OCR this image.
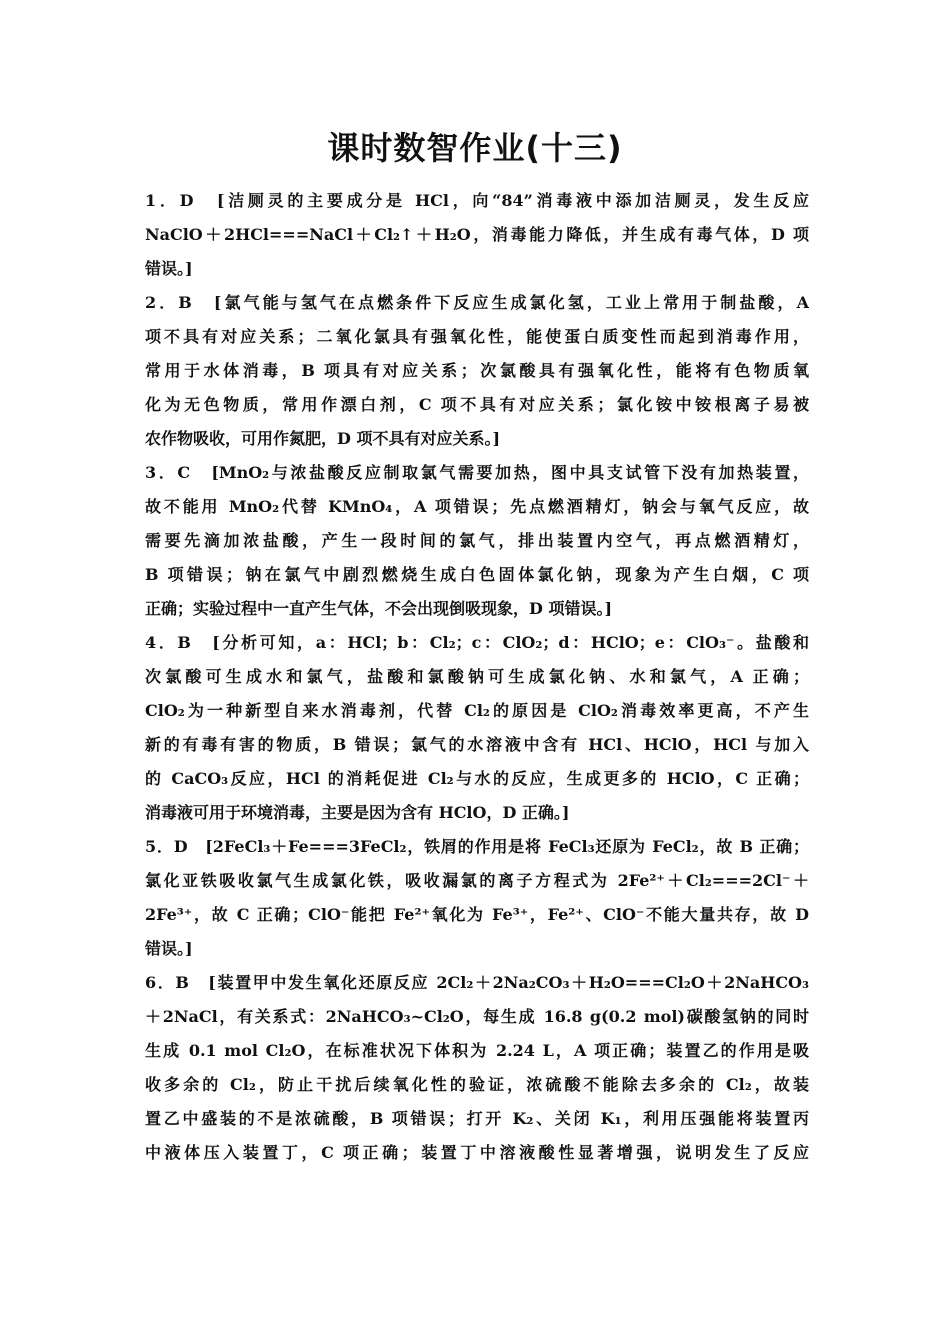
课时数智作业(十三)
1．D　[洁厕灵的主要成分是 HCl，向“84”消毒液中添加洁厕灵，发生反应
NaClO＋2HCl===NaCl＋Cl₂↑＋H₂O，消毒能力降低，并生成有毒气体，D 项
错误。]
2．B　[氯气能与氢气在点燃条件下反应生成氯化氢，工业上常用于制盐酸，A
项不具有对应关系；二氧化氯具有强氧化性，能使蛋白质变性而起到消毒作用，
常用于水体消毒，B 项具有对应关系；次氯酸具有强氧化性，能将有色物质氧
化为无色物质，常用作漂白剂，C 项不具有对应关系；氯化铵中铵根离子易被
农作物吸收，可用作氮肥，D 项不具有对应关系。]
3．C　[MnO₂与浓盐酸反应制取氯气需要加热，图中具支试管下没有加热装置，
故不能用 MnO₂代替 KMnO₄，A 项错误；先点燃酒精灯，钠会与氧气反应，故
需要先滴加浓盐酸，产生一段时间的氯气，排出装置内空气，再点燃酒精灯，
B 项错误；钠在氯气中剧烈燃烧生成白色固体氯化钠，现象为产生白烟，C 项
正确；实验过程中一直产生气体，不会出现倒吸现象，D 项错误。]
4．B　[分析可知，a：HCl；b：Cl₂；c：ClO₂；d：HClO；e：ClO₃⁻。盐酸和
次氯酸可生成水和氯气，盐酸和氯酸钠可生成氯化钠、水和氯气，A 正确；
ClO₂为一种新型自来水消毒剂，代替 Cl₂的原因是 ClO₂消毒效率更高，不产生
新的有毒有害的物质，B 错误；氯气的水溶液中含有 HCl、HClO，HCl 与加入
的 CaCO₃反应，HCl 的消耗促进 Cl₂与水的反应，生成更多的 HClO，C 正确；
消毒液可用于环境消毒，主要是因为含有 HClO，D 正确。]
5．D　[2FeCl₃＋Fe===3FeCl₂，铁屑的作用是将 FeCl₃还原为 FeCl₂，故 B 正确；
氯化亚铁吸收氯气生成氯化铁，吸收漏氯的离子方程式为 2Fe²⁺＋Cl₂===2Cl⁻＋
2Fe³⁺，故 C 正确；ClO⁻能把 Fe²⁺氧化为 Fe³⁺，Fe²⁺、ClO⁻不能大量共存，故 D
错误。]
6．B　[装置甲中发生氧化还原反应 2Cl₂＋2Na₂CO₃＋H₂O===Cl₂O＋2NaHCO₃
＋2NaCl，有关系式：2NaHCO₃~Cl₂O，每生成 16.8 g(0.2 mol)碳酸氢钠的同时
生成 0.1 mol Cl₂O，在标准状况下体积为 2.24 L，A 项正确；装置乙的作用是吸
收多余的 Cl₂，防止干扰后续氧化性的验证，浓硫酸不能除去多余的 Cl₂，故装
置乙中盛装的不是浓硫酸，B 项错误；打开 K₂、关闭 K₁，利用压强能将装置丙
中液体压入装置丁，C 项正确；装置丁中溶液酸性显著增强，说明发生了反应
